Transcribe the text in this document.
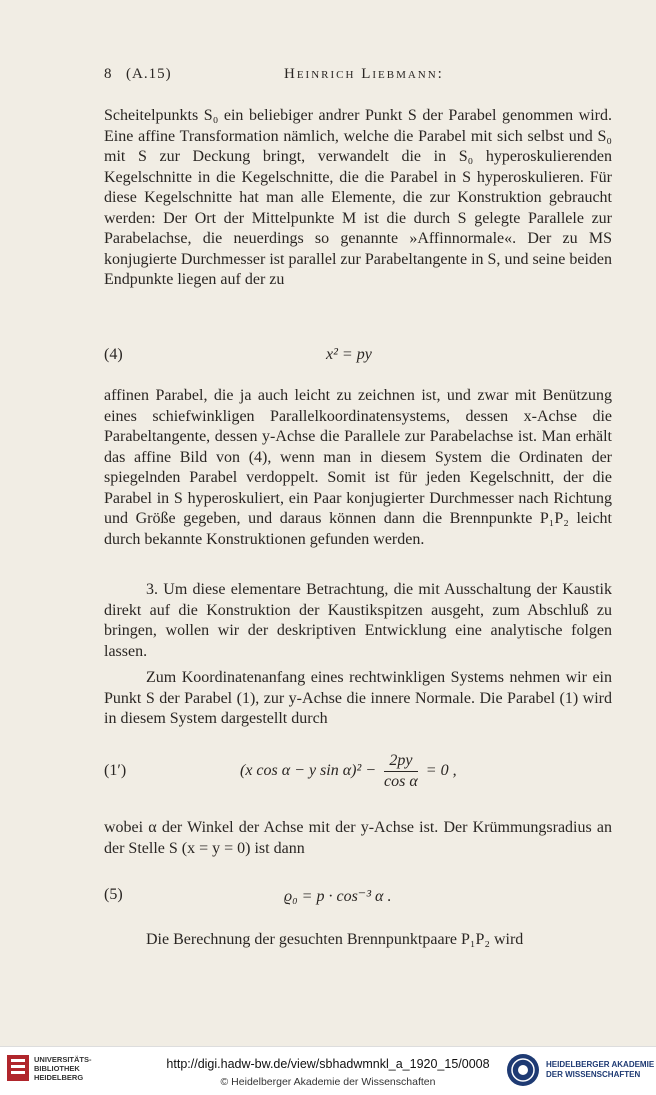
8 (A.15)	Heinrich Liebmann:

Scheitelpunkts S₀ ein beliebiger andrer Punkt S der Parabel genommen wird. Eine affine Transformation nämlich, welche die Parabel mit sich selbst und S₀ mit S zur Deckung bringt, verwandelt die in S₀ hyperoskulierenden Kegelschnitte in die Kegelschnitte, die die Parabel in S hyperoskulieren. Für diese Kegelschnitte hat man alle Elemente, die zur Konstruktion gebraucht werden: Der Ort der Mittelpunkte M ist die durch S gelegte Parallele zur Parabelachse, die neuerdings so genannte »Affinnormale«. Der zu MS konjugierte Durchmesser ist parallel zur Parabeltangente in S, und seine beiden Endpunkte liegen auf der zu

(4)	x² = py

affinen Parabel, die ja auch leicht zu zeichnen ist, und zwar mit Benützung eines schiefwinkligen Parallelkoordinatensystems, dessen x-Achse die Parabeltangente, dessen y-Achse die Parallele zur Parabelachse ist. Man erhält das affine Bild von (4), wenn man in diesem System die Ordinaten der spiegelnden Parabel verdoppelt. Somit ist für jeden Kegelschnitt, der die Parabel in S hyperoskuliert, ein Paar konjugierter Durchmesser nach Richtung und Größe gegeben, und daraus können dann die Brennpunkte P₁P₂ leicht durch bekannte Konstruktionen gefunden werden.

3. Um diese elementare Betrachtung, die mit Ausschaltung der Kaustik direkt auf die Konstruktion der Kaustikspitzen ausgeht, zum Abschluß zu bringen, wollen wir der deskriptiven Entwicklung eine analytische folgen lassen.

Zum Koordinatenanfang eines rechtwinkligen Systems nehmen wir ein Punkt S der Parabel (1), zur y-Achse die innere Normale. Die Parabel (1) wird in diesem System dargestellt durch

(1′)	(x cos α − y $\sin \alpha)^2 - \frac{2py}{\text{cos α}} = 0$ ,

wobei α der Winkel der Achse mit der y-Achse ist. Der Krümmungsradius an der Stelle S (x = y = 0) ist dann

(5)	ϱ₀ = p · cos⁻³ α .

Die Berechnung der gesuchten Brennpunktpaare P₁P₂ wird

UNIVERSITÄTS-
BIBLIOTHEK
HEIDELBERG
http://digi.hadw-bw.de/view/sbhadwmnkl_a_1920_15/0008
© Heidelberger Akademie der Wissenschaften
HEIDELBERGER AKADEMIE
DER WISSENSCHAFTEN
